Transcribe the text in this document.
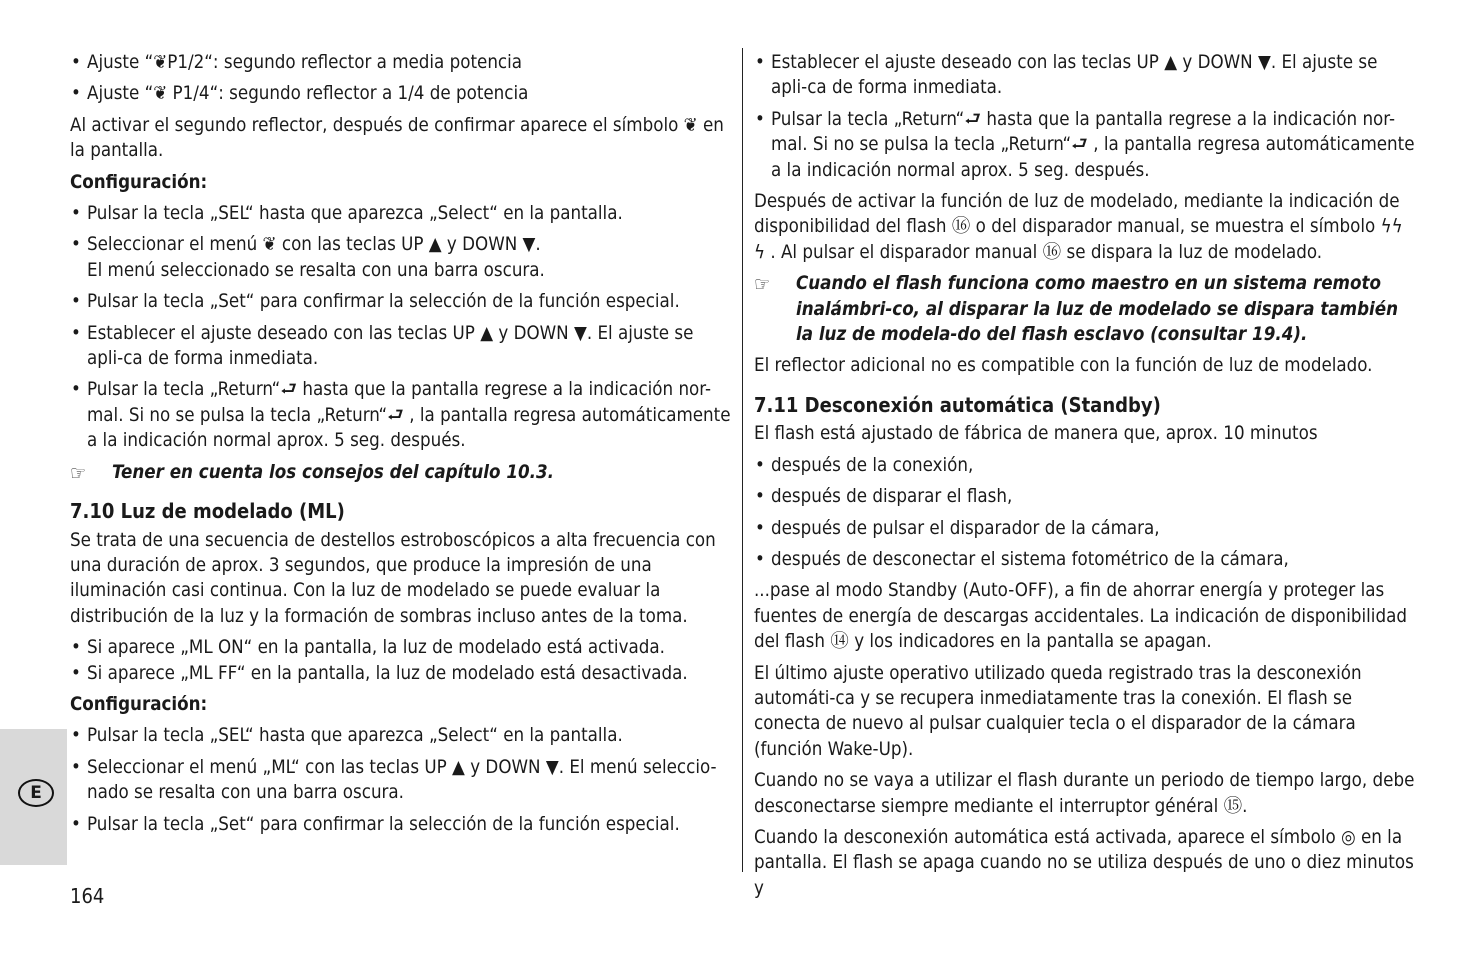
E
• Ajuste “❦P1/2“: segundo reflector a media potencia
• Ajuste “❦ P1/4“: segundo reflector a 1/4 de potencia

Al activar el segundo reflector, después de confirmar aparece el símbolo ❦ en la pantalla.

Configuración:
• Pulsar la tecla „SEL“ hasta que aparezca „Select“ en la pantalla.
• Seleccionar el menú ❦ con las teclas UP ▲ y DOWN ▼.
El menú seleccionado se resalta con una barra oscura.
• Pulsar la tecla „Set“ para confirmar la selección de la función especial.
• Establecer el ajuste deseado con las teclas UP ▲ y DOWN ▼. El ajuste se apli-ca de forma inmediata.
• Pulsar la tecla „Return“⮐ hasta que la pantalla regrese a la indicación nor-mal. Si no se pulsa la tecla „Return“⮐ , la pantalla regresa automáticamente a la indicación normal aprox. 5 seg. después.
☞ Tener en cuenta los consejos del capítulo 10.3.
7.10 Luz de modelado (ML)

Se trata de una secuencia de destellos estroboscópicos a alta frecuencia con una duración de aprox. 3 segundos, que produce la impresión de una iluminación casi continua. Con la luz de modelado se puede evaluar la distribución de la luz y la formación de sombras incluso antes de la toma.

• Si aparece „ML ON“ en la pantalla, la luz de modelado está activada.
• Si aparece „ML FF“ en la pantalla, la luz de modelado está desactivada.
Configuración:
• Pulsar la tecla „SEL“ hasta que aparezca „Select“ en la pantalla.
• Seleccionar el menú „ML“ con las teclas UP ▲ y DOWN ▼. El menú seleccio-nado se resalta con una barra oscura.
• Pulsar la tecla „Set“ para confirmar la selección de la función especial.
• Establecer el ajuste deseado con las teclas UP ▲ y DOWN ▼. El ajuste se apli-ca de forma inmediata.
• Pulsar la tecla „Return“⮐ hasta que la pantalla regrese a la indicación nor-mal. Si no se pulsa la tecla „Return“⮐ , la pantalla regresa automáticamente a la indicación normal aprox. 5 seg. después.

Después de activar la función de luz de modelado, mediante la indicación de disponibilidad del flash ⑯ o del disparador manual, se muestra el símbolo ϟϟ ϟ . Al pulsar el disparador manual ⑯ se dispara la luz de modelado.

☞ Cuando el flash funciona como maestro en un sistema remoto inalámbri-co, al disparar la luz de modelado se dispara también la luz de modela-do del flash esclavo (consultar 19.4).

El reflector adicional no es compatible con la función de luz de modelado.

7.11 Desconexión automática (Standby)

El flash está ajustado de fábrica de manera que, aprox. 10 minutos

• después de la conexión,
• después de disparar el flash,
• después de pulsar el disparador de la cámara,
• después de desconectar el sistema fotométrico de la cámara,

...pase al modo Standby (Auto-OFF), a fin de ahorrar energía y proteger las fuentes de energía de descargas accidentales. La indicación de disponibilidad del flash ⑭ y los indicadores en la pantalla se apagan.

El último ajuste operativo utilizado queda registrado tras la desconexión automáti-ca y se recupera inmediatamente tras la conexión. El flash se conecta de nuevo al pulsar cualquier tecla o el disparador de la cámara (función Wake-Up).

Cuando no se vaya a utilizar el flash durante un periodo de tiempo largo, debe desconectarse siempre mediante el interruptor général ⑮.

Cuando la desconexión automática está activada, aparece el símbolo ◎ en la pantalla. El flash se apaga cuando no se utiliza después de uno o diez minutos y

164
